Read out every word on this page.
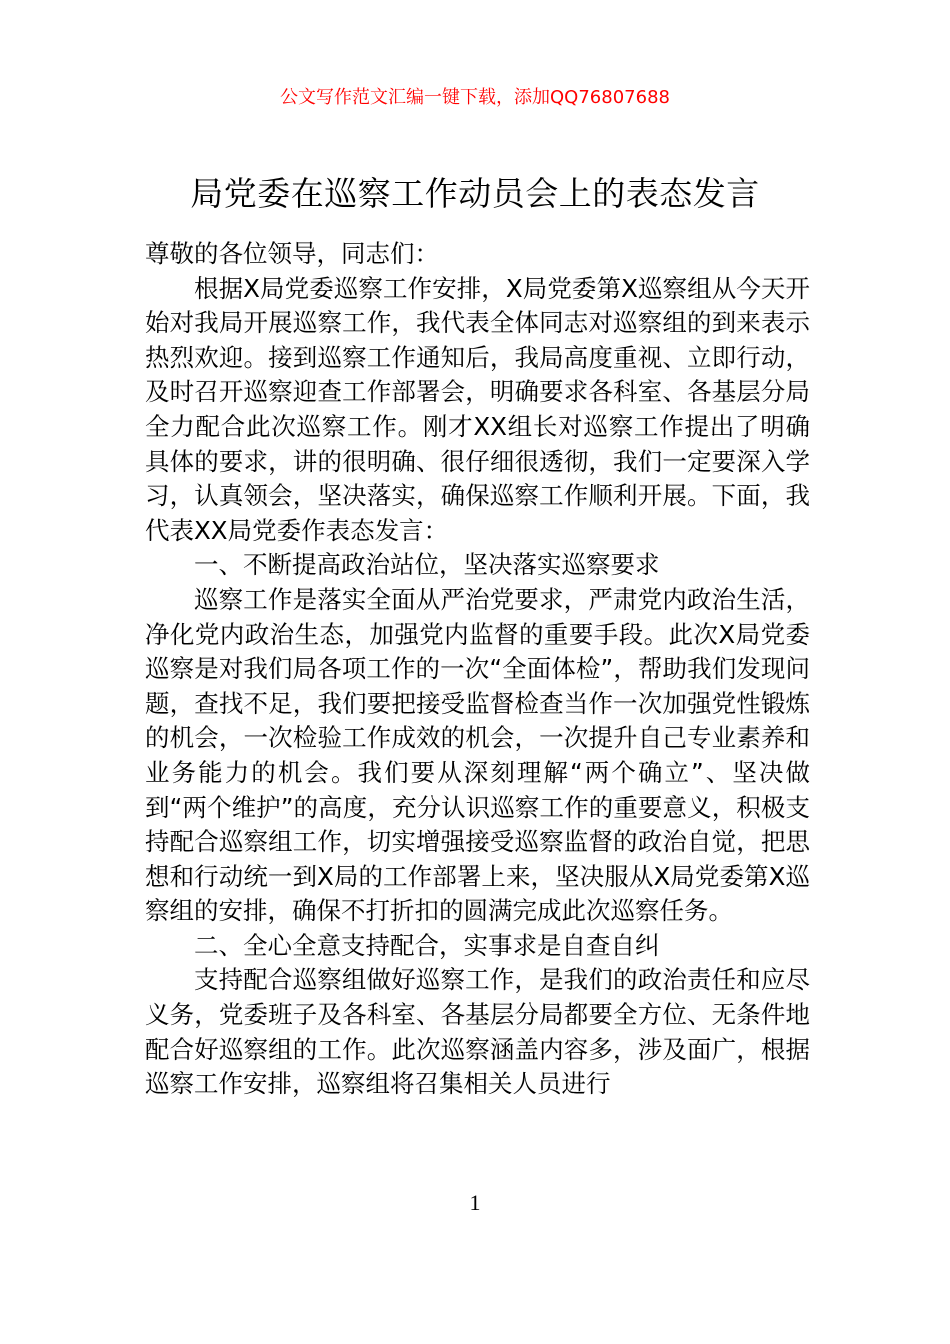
公文写作范文汇编一键下载，添加QQ76807688
局党委在巡察工作动员会上的表态发言

尊敬的各位领导，同志们：

根据X局党委巡察工作安排，X局党委第X巡察组从今天开始对我局开展巡察工作，我代表全体同志对巡察组的到来表示热烈欢迎。接到巡察工作通知后，我局高度重视、立即行动，及时召开巡察迎查工作部署会，明确要求各科室、各基层分局全力配合此次巡察工作。刚才XX组长对巡察工作提出了明确具体的要求，讲的很明确、很仔细很透彻，我们一定要深入学习，认真领会，坚决落实，确保巡察工作顺利开展。下面，我代表XX局党委作表态发言：

一、不断提高政治站位，坚决落实巡察要求

巡察工作是落实全面从严治党要求，严肃党内政治生活，净化党内政治生态，加强党内监督的重要手段。此次X局党委巡察是对我们局各项工作的一次“全面体检”，帮助我们发现问题，查找不足，我们要把接受监督检查当作一次加强党性锻炼的机会，一次检验工作成效的机会，一次提升自己专业素养和业务能力的机会。我们要从深刻理解“两个确立”、坚决做到“两个维护”的高度，充分认识巡察工作的重要意义，积极支持配合巡察组工作，切实增强接受巡察监督的政治自觉，把思想和行动统一到X局的工作部署上来，坚决服从X局党委第X巡察组的安排，确保不打折扣的圆满完成此次巡察任务。

二、全心全意支持配合，实事求是自查自纠

支持配合巡察组做好巡察工作，是我们的政治责任和应尽义务，党委班子及各科室、各基层分局都要全方位、无条件地配合好巡察组的工作。此次巡察涵盖内容多，涉及面广，根据巡察工作安排，巡察组将召集相关人员进行

1
